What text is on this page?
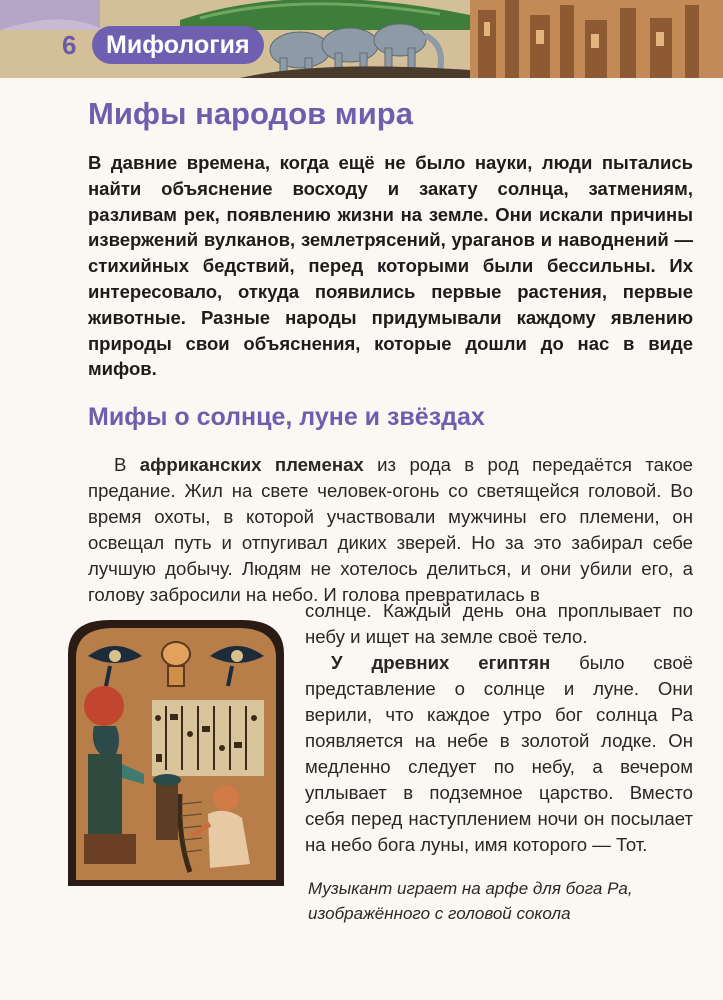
6	Мифология
Мифы народов мира

В давние времена, когда ещё не было науки, люди пытались найти объяснение восходу и закату солнца, затмениям, разливам рек, появлению жизни на земле. Они искали причины извержений вулканов, землетрясений, ураганов и наводнений — стихийных бедствий, перед которыми были бессильны. Их интересовало, откуда появились первые растения, первые животные. Разные народы придумывали каждому явлению природы свои объяснения, которые дошли до нас в виде мифов.

Мифы о солнце, луне и звёздах

В африканских племенах из рода в род передаётся такое предание. Жил на свете человек-огонь со светящейся головой. Во время охоты, в которой участвовали мужчины его племени, он освещал путь и отпугивал диких зверей. Но за это забирал себе лучшую добычу. Людям не хотелось делиться, и они убили его, а голову забросили на небо. И голова превратилась в

солнце. Каждый день она проплывает по небу и ищет на земле своё тело.

У древних египтян было своё представление о солнце и луне. Они верили, что каждое утро бог солнца Ра появляется на небе в золотой лодке. Он медленно следует по небу, а вечером уплывает в подземное царство. Вместо себя перед наступлением ночи он посылает на небо бога луны, имя которого — Тот.

Музыкант играет на арфе для бога Ра, изображённого с головой сокола
